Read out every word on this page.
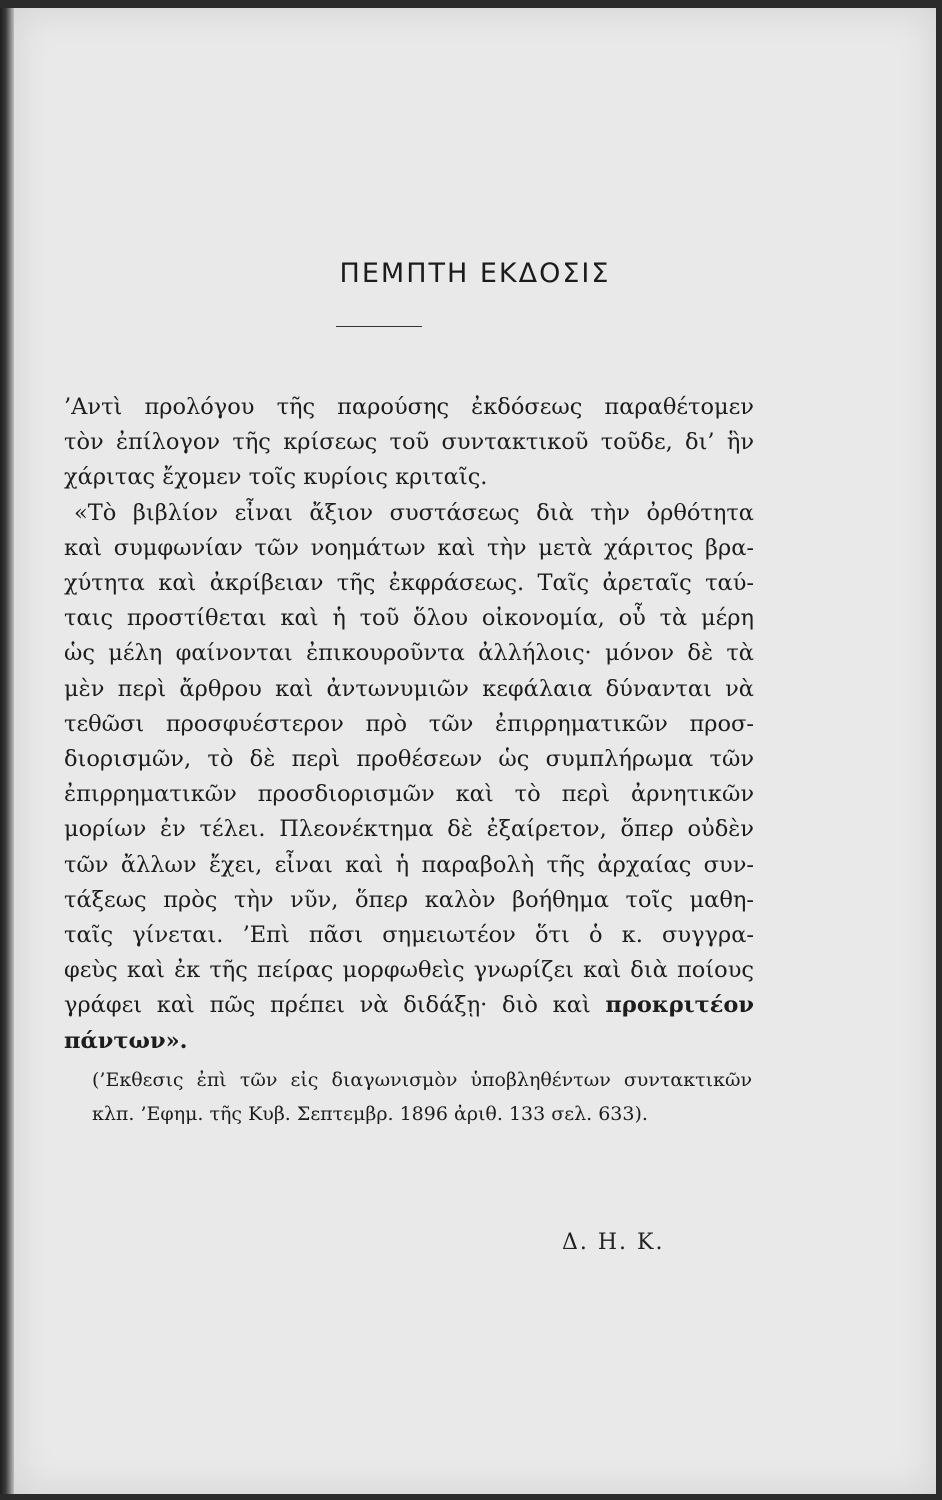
ΠΕΜΠΤΗ ΕΚΔΟΣΙΣ
’Αντὶ προλόγου τῆς παρούσης ἐκδόσεως παραθέτομεν
τὸν ἐπίλογον τῆς κρίσεως τοῦ συντακτικοῦ τοῦδε, δι’ ἣν
χάριτας ἔχομεν τοῖς κυρίοις κριταῖς.
«Τὸ βιβλίον εἶναι ἄξιον συστάσεως διὰ τὴν ὀρθότητα
καὶ συμφωνίαν τῶν νοημάτων καὶ τὴν μετὰ χάριτος βρα-
χύτητα καὶ ἀκρίβειαν τῆς ἐκφράσεως. Ταῖς ἀρεταῖς ταύ-
ταις προστίθεται καὶ ἡ τοῦ ὅλου οἰκονομία, οὗ τὰ μέρη
ὡς μέλη φαίνονται ἐπικουροῦντα ἀλλήλοις· μόνον δὲ τὰ
μὲν περὶ ἄρθρου καὶ ἀντωνυμιῶν κεφάλαια δύνανται νὰ
τεθῶσι προσφυέστερον πρὸ τῶν ἐπιρρηματικῶν προσ-
διορισμῶν, τὸ δὲ περὶ προθέσεων ὡς συμπλήρωμα τῶν
ἐπιρρηματικῶν προσδιορισμῶν καὶ τὸ περὶ ἀρνητικῶν
μορίων ἐν τέλει. Πλεονέκτημα δὲ ἐξαίρετον, ὅπερ οὐδὲν
τῶν ἄλλων ἔχει, εἶναι καὶ ἡ παραβολὴ τῆς ἀρχαίας συν-
τάξεως πρὸς τὴν νῦν, ὅπερ καλὸν βοήθημα τοῖς μαθη-
ταῖς γίνεται. ’Επὶ πᾶσι σημειωτέον ὅτι ὁ κ. συγγρα-
φεὺς καὶ ἐκ τῆς πείρας μορφωθεὶς γνωρίζει καὶ διὰ ποίους
γράφει καὶ πῶς πρέπει νὰ διδάξῃ· διὸ καὶ προκριτέον
πάντων».
(’Εκθεσις ἐπὶ τῶν εἰς διαγωνισμὸν ὑποβληθέντων συντακτικῶν
κλπ. ’Εφημ. τῆς Κυβ. Σεπτεμβρ. 1896 ἀριθ. 133 σελ. 633).
Δ. Η. Κ.
